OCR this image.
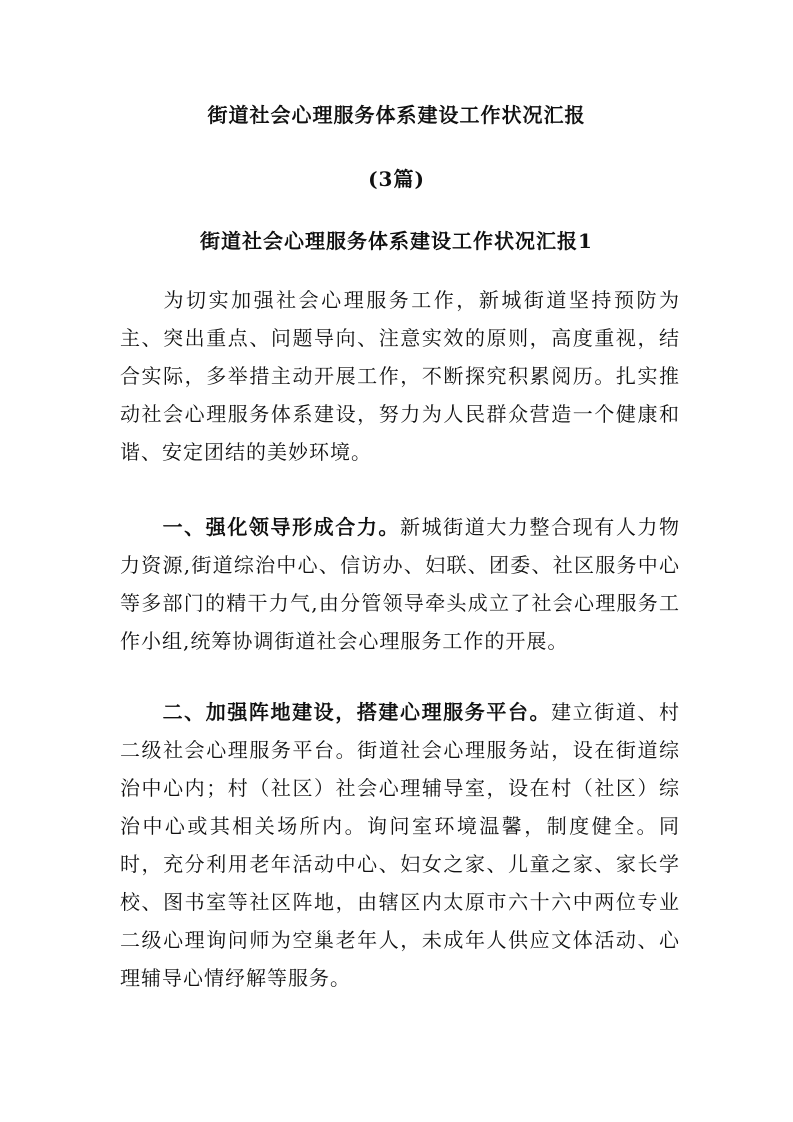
街道社会心理服务体系建设工作状况汇报
(3篇)
街道社会心理服务体系建设工作状况汇报1
为切实加强社会心理服务工作，新城街道坚持预防为主、突出重点、问题导向、注意实效的原则，高度重视，结合实际，多举措主动开展工作，不断探究积累阅历。扎实推动社会心理服务体系建设，努力为人民群众营造一个健康和谐、安定团结的美妙环境。
一、强化领导形成合力。新城街道大力整合现有人力物力资源,街道综治中心、信访办、妇联、团委、社区服务中心等多部门的精干力气,由分管领导牵头成立了社会心理服务工作小组,统筹协调街道社会心理服务工作的开展。
二、加强阵地建设，搭建心理服务平台。建立街道、村二级社会心理服务平台。街道社会心理服务站，设在街道综治中心内；村（社区）社会心理辅导室，设在村（社区）综治中心或其相关场所内。询问室环境温馨，制度健全。同时，充分利用老年活动中心、妇女之家、儿童之家、家长学校、图书室等社区阵地，由辖区内太原市六十六中两位专业二级心理询问师为空巢老年人，未成年人供应文体活动、心理辅导心情纾解等服务。
